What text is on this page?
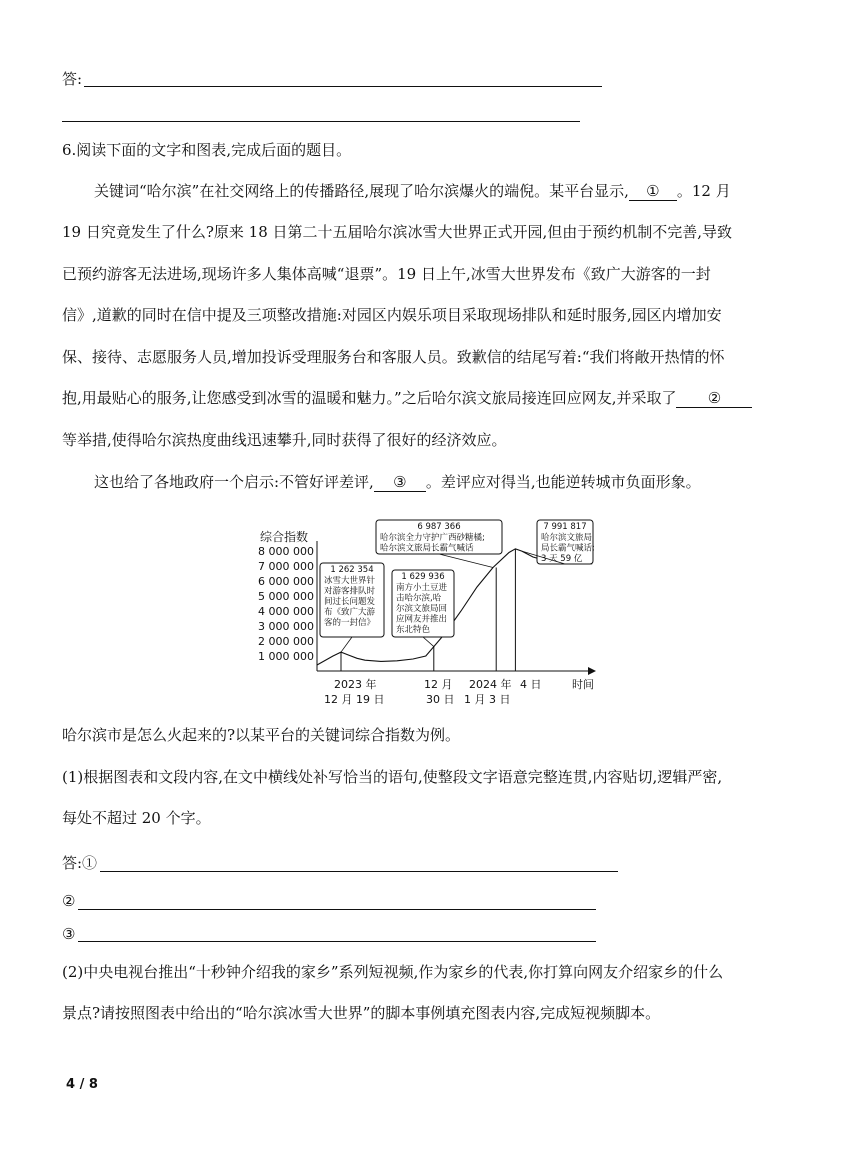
答:
6.阅读下面的文字和图表,完成后面的题目。
关键词“哈尔滨”在社交网络上的传播路径,展现了哈尔滨爆火的端倪。某平台显示, ① 。12 月
19 日究竟发生了什么?原来 18 日第二十五届哈尔滨冰雪大世界正式开园,但由于预约机制不完善,导致
已预约游客无法进场,现场许多人集体高喊“退票”。19 日上午,冰雪大世界发布《致广大游客的一封
信》,道歉的同时在信中提及三项整改措施:对园区内娱乐项目采取现场排队和延时服务,园区内增加安
保、接待、志愿服务人员,增加投诉受理服务台和客服人员。致歉信的结尾写着:“我们将敞开热情的怀
抱,用最贴心的服务,让您感受到冰雪的温暖和魅力。”之后哈尔滨文旅局接连回应网友,并采取了 ②
等举措,使得哈尔滨热度曲线迅速攀升,同时获得了很好的经济效应。
这也给了各地政府一个启示:不管好评差评, ③ 。差评应对得当,也能逆转城市负面形象。
综合指数
8 000 000
7 000 000
6 000 000
5 000 000
4 000 000
3 000 000
2 000 000
1 000 000
时间
2023 年
12 月 19 日
12 月
30 日
2024 年
1 月 3 日
4 日
1 262 354
冰雪大世界针
对游客排队时
间过长问题发
布《致广大游
客的一封信》
1 629 936
南方小土豆进
击哈尔滨,哈
尔滨文旅局回
应网友并推出
东北特色
6 987 366
哈尔滨全力守护广西砂糖橘;
哈尔滨文旅局长霸气喊话
7 991 817
哈尔滨文旅局
局长霸气喊话:
3 天 59 亿
哈尔滨市是怎么火起来的?以某平台的关键词综合指数为例。
(1)根据图表和文段内容,在文中横线处补写恰当的语句,使整段文字语意完整连贯,内容贴切,逻辑严密,
每处不超过 20 个字。
答:①
②
③
(2)中央电视台推出“十秒钟介绍我的家乡”系列短视频,作为家乡的代表,你打算向网友介绍家乡的什么
景点?请按照图表中给出的“哈尔滨冰雪大世界”的脚本事例填充图表内容,完成短视频脚本。
4 / 8
